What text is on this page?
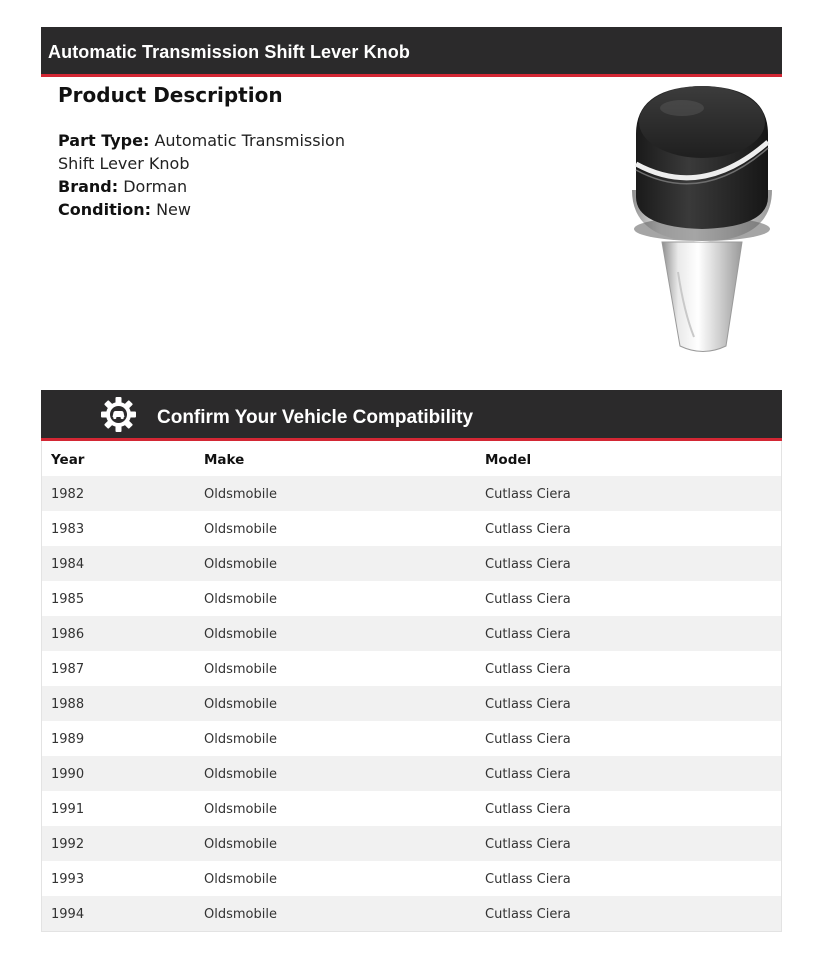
Automatic Transmission Shift Lever Knob
Product Description
Part Type: Automatic Transmission Shift Lever Knob
Brand: Dorman
Condition: New
Confirm Your Vehicle Compatibility
Year	Make	Model
1982	Oldsmobile	Cutlass Ciera
1983	Oldsmobile	Cutlass Ciera
1984	Oldsmobile	Cutlass Ciera
1985	Oldsmobile	Cutlass Ciera
1986	Oldsmobile	Cutlass Ciera
1987	Oldsmobile	Cutlass Ciera
1988	Oldsmobile	Cutlass Ciera
1989	Oldsmobile	Cutlass Ciera
1990	Oldsmobile	Cutlass Ciera
1991	Oldsmobile	Cutlass Ciera
1992	Oldsmobile	Cutlass Ciera
1993	Oldsmobile	Cutlass Ciera
1994	Oldsmobile	Cutlass Ciera
